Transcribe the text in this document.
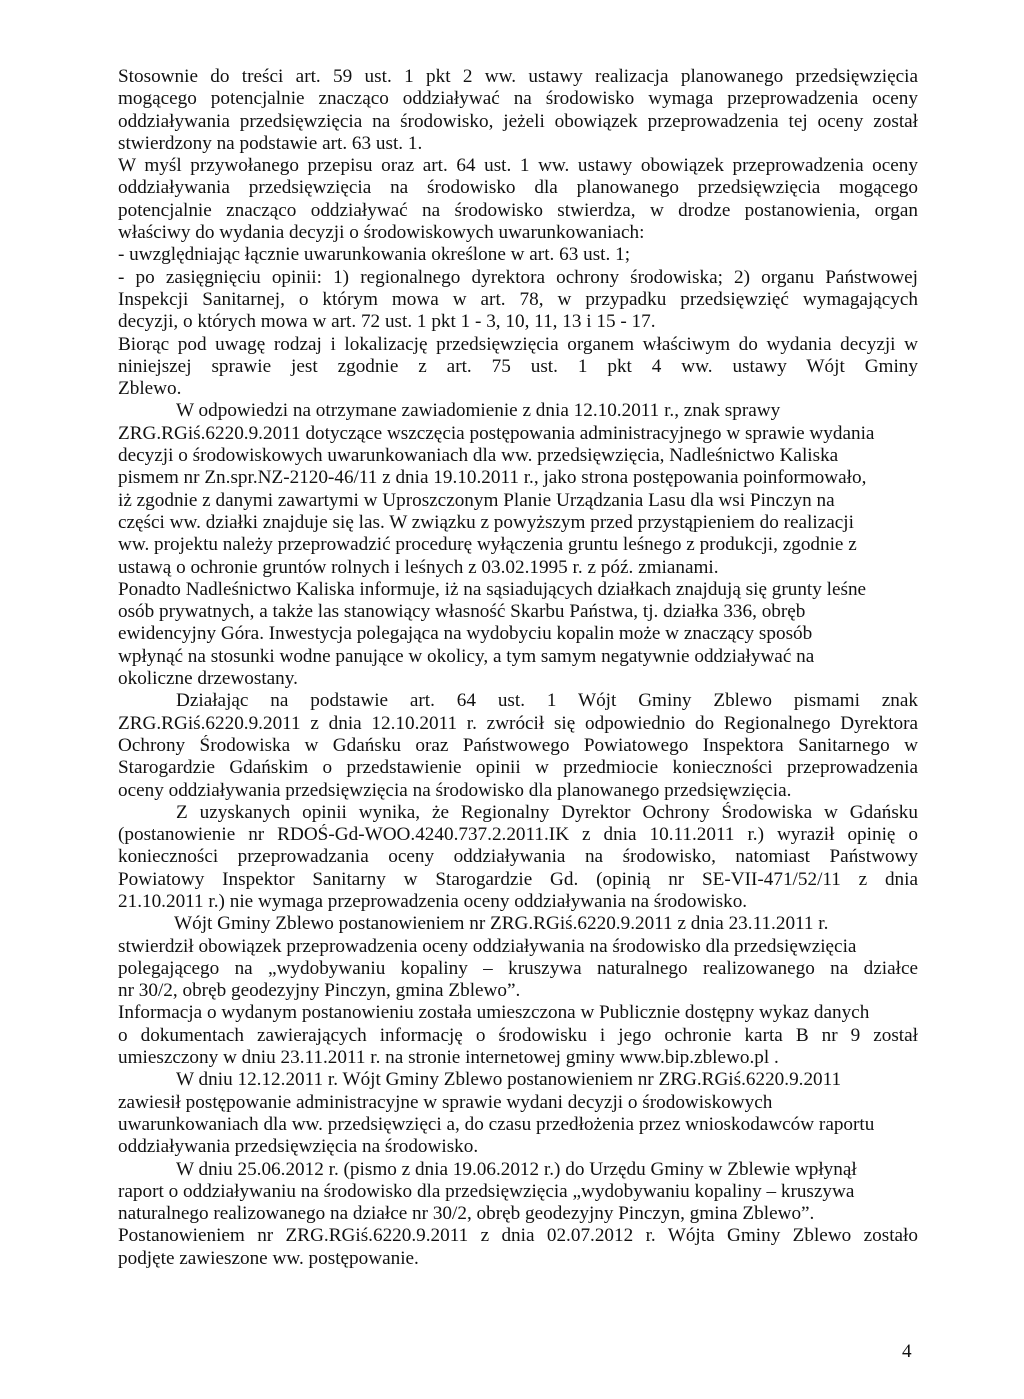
Stosownie do treści art. 59 ust. 1 pkt 2 ww. ustawy realizacja planowanego przedsięwzięcia
mogącego potencjalnie znacząco oddziaływać na środowisko wymaga przeprowadzenia oceny
oddziaływania przedsięwzięcia na środowisko, jeżeli obowiązek przeprowadzenia tej oceny został
stwierdzony na podstawie art. 63 ust. 1.
W myśl przywołanego przepisu oraz art. 64 ust. 1 ww. ustawy obowiązek przeprowadzenia oceny
oddziaływania przedsięwzięcia na środowisko dla planowanego przedsięwzięcia mogącego
potencjalnie znacząco oddziaływać na środowisko stwierdza, w drodze postanowienia, organ
właściwy do wydania decyzji o środowiskowych uwarunkowaniach:
- uwzględniając łącznie uwarunkowania określone w art. 63 ust. 1;
- po zasięgnięciu opinii: 1) regionalnego dyrektora ochrony środowiska; 2) organu Państwowej
Inspekcji Sanitarnej, o którym mowa w art. 78, w przypadku przedsięwzięć wymagających
decyzji, o których mowa w art. 72 ust. 1 pkt 1 - 3, 10, 11, 13 i 15 - 17.
Biorąc pod uwagę rodzaj i lokalizację przedsięwzięcia organem właściwym do wydania decyzji w
niniejszej sprawie jest zgodnie z art. 75 ust. 1 pkt 4 ww. ustawy Wójt Gminy
Zblewo.
W odpowiedzi na otrzymane zawiadomienie z dnia 12.10.2011 r., znak sprawy
ZRG.RGiś.6220.9.2011 dotyczące wszczęcia postępowania administracyjnego w sprawie wydania
decyzji o środowiskowych uwarunkowaniach dla ww. przedsięwzięcia, Nadleśnictwo Kaliska
pismem nr Zn.spr.NZ-2120-46/11 z dnia 19.10.2011 r., jako strona postępowania poinformowało,
iż zgodnie z danymi zawartymi w Uproszczonym Planie Urządzania Lasu dla wsi Pinczyn na
części ww. działki znajduje się las. W związku z powyższym przed przystąpieniem do realizacji
ww. projektu należy przeprowadzić procedurę wyłączenia gruntu leśnego z produkcji, zgodnie z
ustawą o ochronie gruntów rolnych i leśnych z 03.02.1995 r. z póź. zmianami.
Ponadto Nadleśnictwo Kaliska informuje, iż na sąsiadujących działkach znajdują się grunty leśne
osób prywatnych, a także las stanowiący własność Skarbu Państwa, tj. działka 336, obręb
ewidencyjny Góra. Inwestycja polegająca na wydobyciu kopalin może w znaczący sposób
wpłynąć na stosunki wodne panujące w okolicy, a tym samym negatywnie oddziaływać na
okoliczne drzewostany.
Działając na podstawie art. 64 ust. 1 Wójt Gminy Zblewo pismami znak
ZRG.RGiś.6220.9.2011 z dnia 12.10.2011 r. zwrócił się odpowiednio do Regionalnego Dyrektora
Ochrony Środowiska w Gdańsku oraz Państwowego Powiatowego Inspektora Sanitarnego w
Starogardzie Gdańskim o przedstawienie opinii w przedmiocie konieczności przeprowadzenia
oceny oddziaływania przedsięwzięcia na środowisko dla planowanego przedsięwzięcia.
Z uzyskanych opinii wynika, że Regionalny Dyrektor Ochrony Środowiska w Gdańsku
(postanowienie nr RDOŚ-Gd-WOO.4240.737.2.2011.IK z dnia 10.11.2011 r.) wyraził opinię o
konieczności przeprowadzania oceny oddziaływania na środowisko, natomiast Państwowy
Powiatowy Inspektor Sanitarny w Starogardzie Gd. (opinią nr SE-VII-471/52/11 z dnia
21.10.2011 r.) nie wymaga przeprowadzenia oceny oddziaływania na środowisko.
Wójt Gminy Zblewo postanowieniem nr ZRG.RGiś.6220.9.2011 z dnia 23.11.2011 r.
stwierdził obowiązek przeprowadzenia oceny oddziaływania na środowisko dla przedsięwzięcia
polegającego na „wydobywaniu kopaliny – kruszywa naturalnego realizowanego na działce
nr 30/2, obręb geodezyjny Pinczyn, gmina Zblewo”.
Informacja o wydanym postanowieniu została umieszczona w Publicznie dostępny wykaz danych
o dokumentach zawierających informację o środowisku i jego ochronie karta B nr 9 został
umieszczony w dniu 23.11.2011 r. na stronie internetowej gminy www.bip.zblewo.pl .
W dniu 12.12.2011 r. Wójt Gminy Zblewo postanowieniem nr ZRG.RGiś.6220.9.2011
zawiesił postępowanie administracyjne w sprawie wydani decyzji o środowiskowych
uwarunkowaniach dla ww. przedsięwzięci a, do czasu przedłożenia przez wnioskodawców raportu
oddziaływania przedsięwzięcia na środowisko.
W dniu 25.06.2012 r. (pismo z dnia 19.06.2012 r.) do Urzędu Gminy w Zblewie wpłynął
raport o oddziaływaniu na środowisko dla przedsięwzięcia „wydobywaniu kopaliny – kruszywa
naturalnego realizowanego na działce nr 30/2, obręb geodezyjny Pinczyn, gmina Zblewo”.
Postanowieniem nr ZRG.RGiś.6220.9.2011 z dnia 02.07.2012 r. Wójta Gminy Zblewo zostało
podjęte zawieszone ww. postępowanie.
4
